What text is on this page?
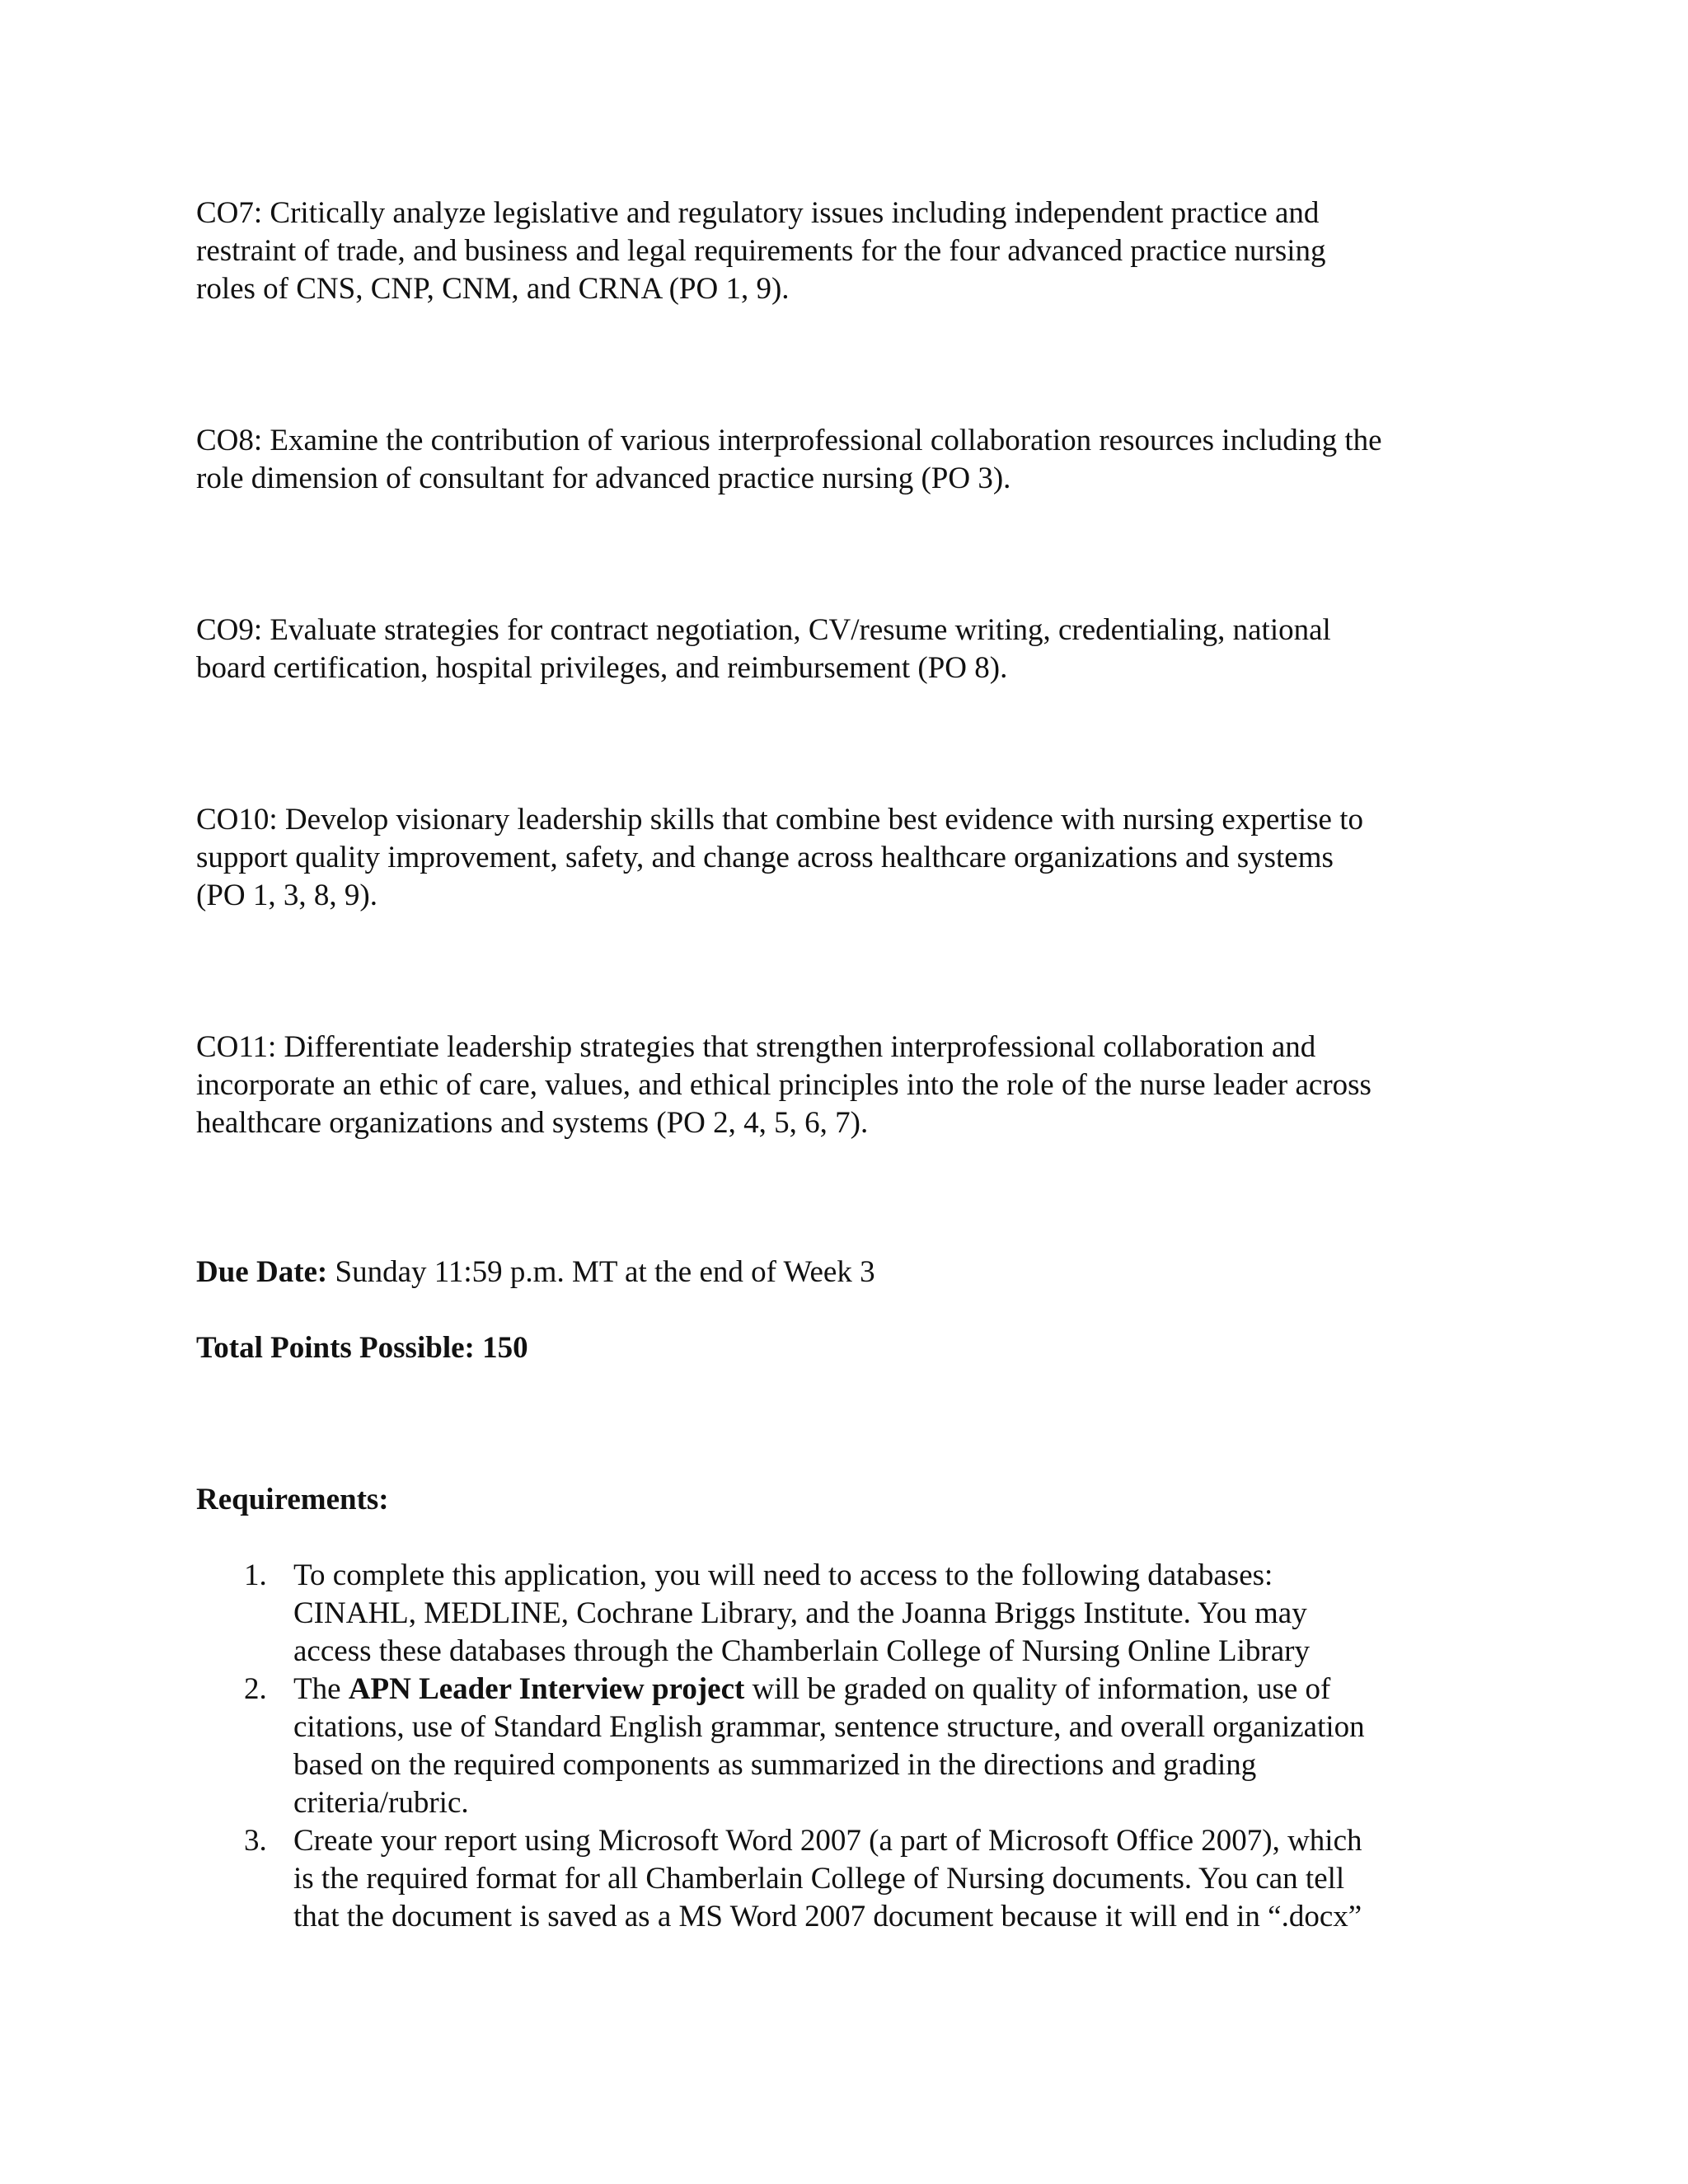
CO7: Critically analyze legislative and regulatory issues including independent practice and
restraint of trade, and business and legal requirements for the four advanced practice nursing
roles of CNS, CNP, CNM, and CRNA (PO 1, 9).
CO8: Examine the contribution of various interprofessional collaboration resources including the
role dimension of consultant for advanced practice nursing (PO 3).
CO9: Evaluate strategies for contract negotiation, CV/resume writing, credentialing, national
board certification, hospital privileges, and reimbursement (PO 8).
CO10: Develop visionary leadership skills that combine best evidence with nursing expertise to
support quality improvement, safety, and change across healthcare organizations and systems
(PO 1, 3, 8, 9).
CO11: Differentiate leadership strategies that strengthen interprofessional collaboration and
incorporate an ethic of care, values, and ethical principles into the role of the nurse leader across
healthcare organizations and systems (PO 2, 4, 5, 6, 7).
Due Date: Sunday 11:59 p.m. MT at the end of Week 3
Total Points Possible: 150
Requirements:
1. To complete this application, you will need to access to the following databases:
CINAHL, MEDLINE, Cochrane Library, and the Joanna Briggs Institute. You may
access these databases through the Chamberlain College of Nursing Online Library
2. The APN Leader Interview project will be graded on quality of information, use of
citations, use of Standard English grammar, sentence structure, and overall organization
based on the required components as summarized in the directions and grading
criteria/rubric.
3. Create your report using Microsoft Word 2007 (a part of Microsoft Office 2007), which
is the required format for all Chamberlain College of Nursing documents. You can tell
that the document is saved as a MS Word 2007 document because it will end in “.docx”
